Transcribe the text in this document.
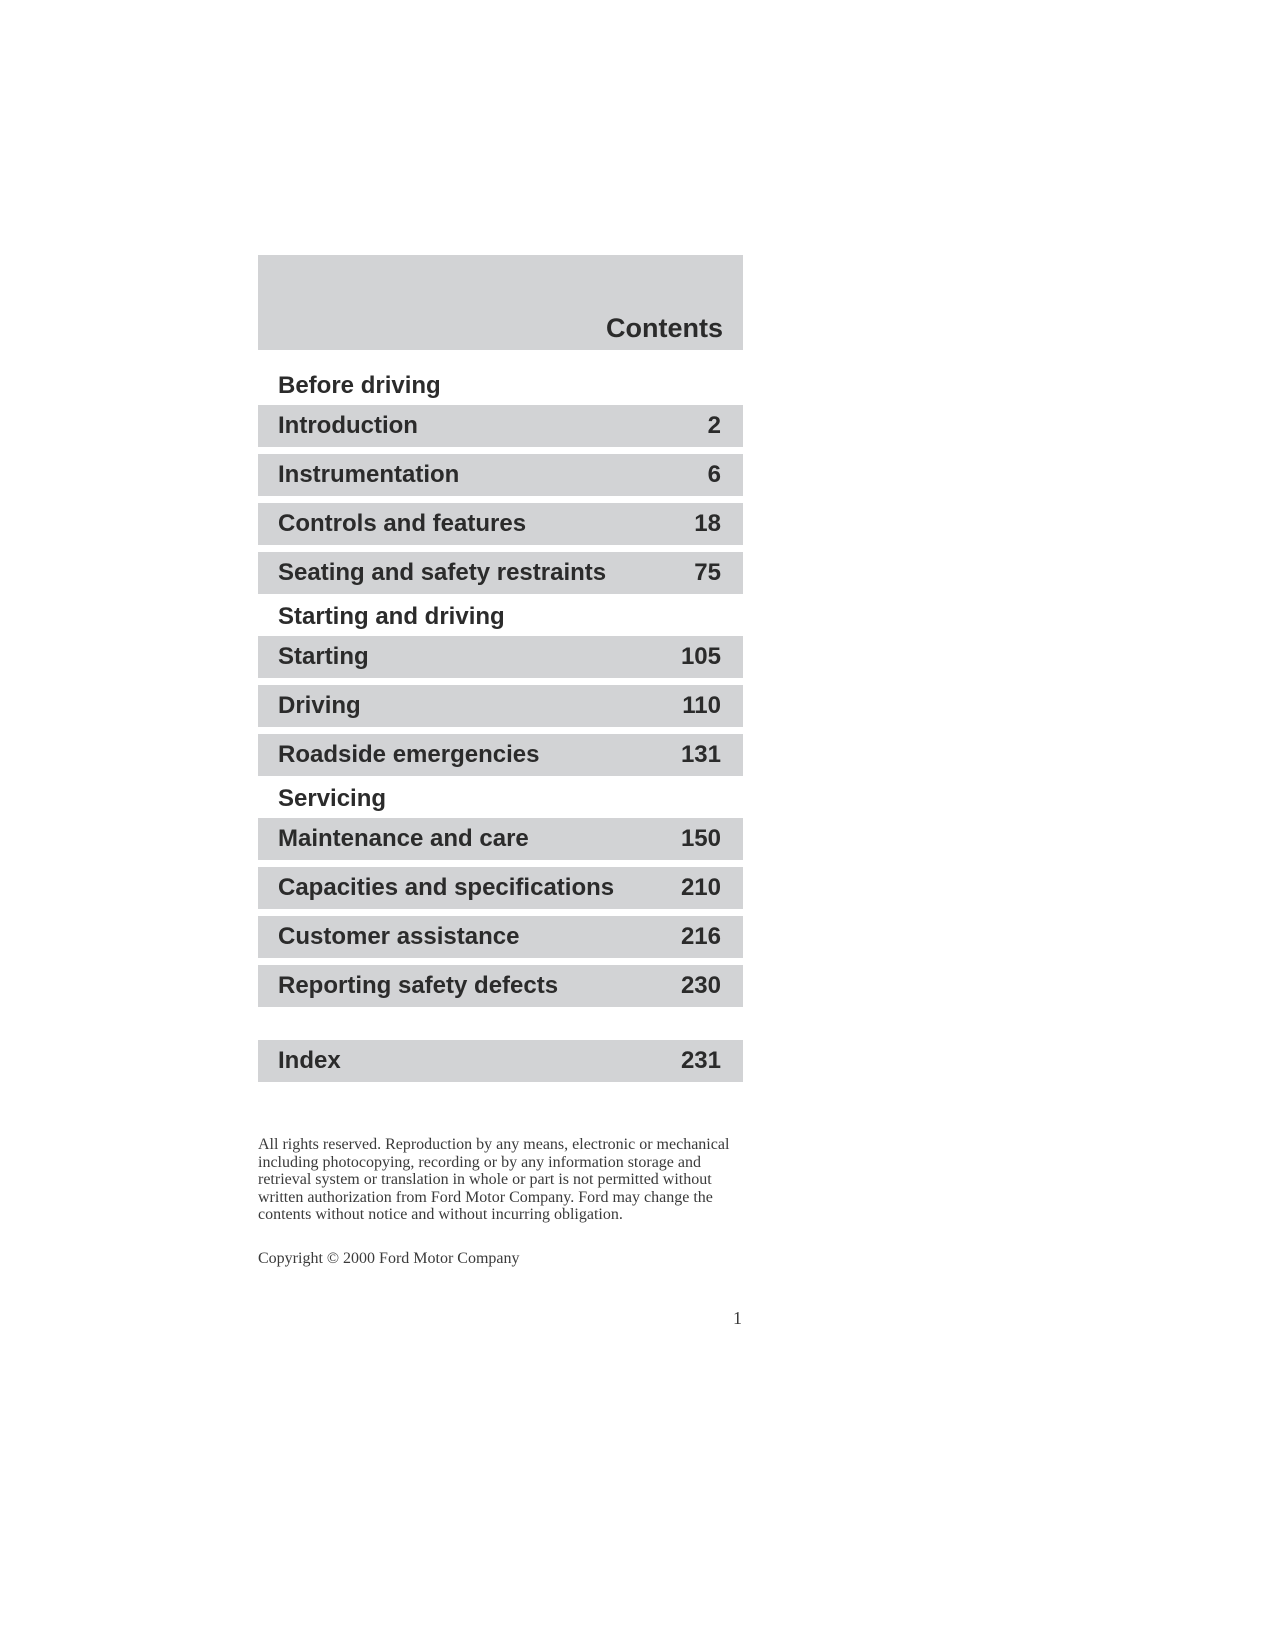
Contents
Before driving
Introduction	2
Instrumentation	6
Controls and features	18
Seating and safety restraints	75
Starting and driving
Starting	105
Driving	110
Roadside emergencies	131
Servicing
Maintenance and care	150
Capacities and specifications	210
Customer assistance	216
Reporting safety defects	230
Index	231

All rights reserved. Reproduction by any means, electronic or mechanical including photocopying, recording or by any information storage and retrieval system or translation in whole or part is not permitted without written authorization from Ford Motor Company. Ford may change the contents without notice and without incurring obligation.

Copyright © 2000 Ford Motor Company
1
